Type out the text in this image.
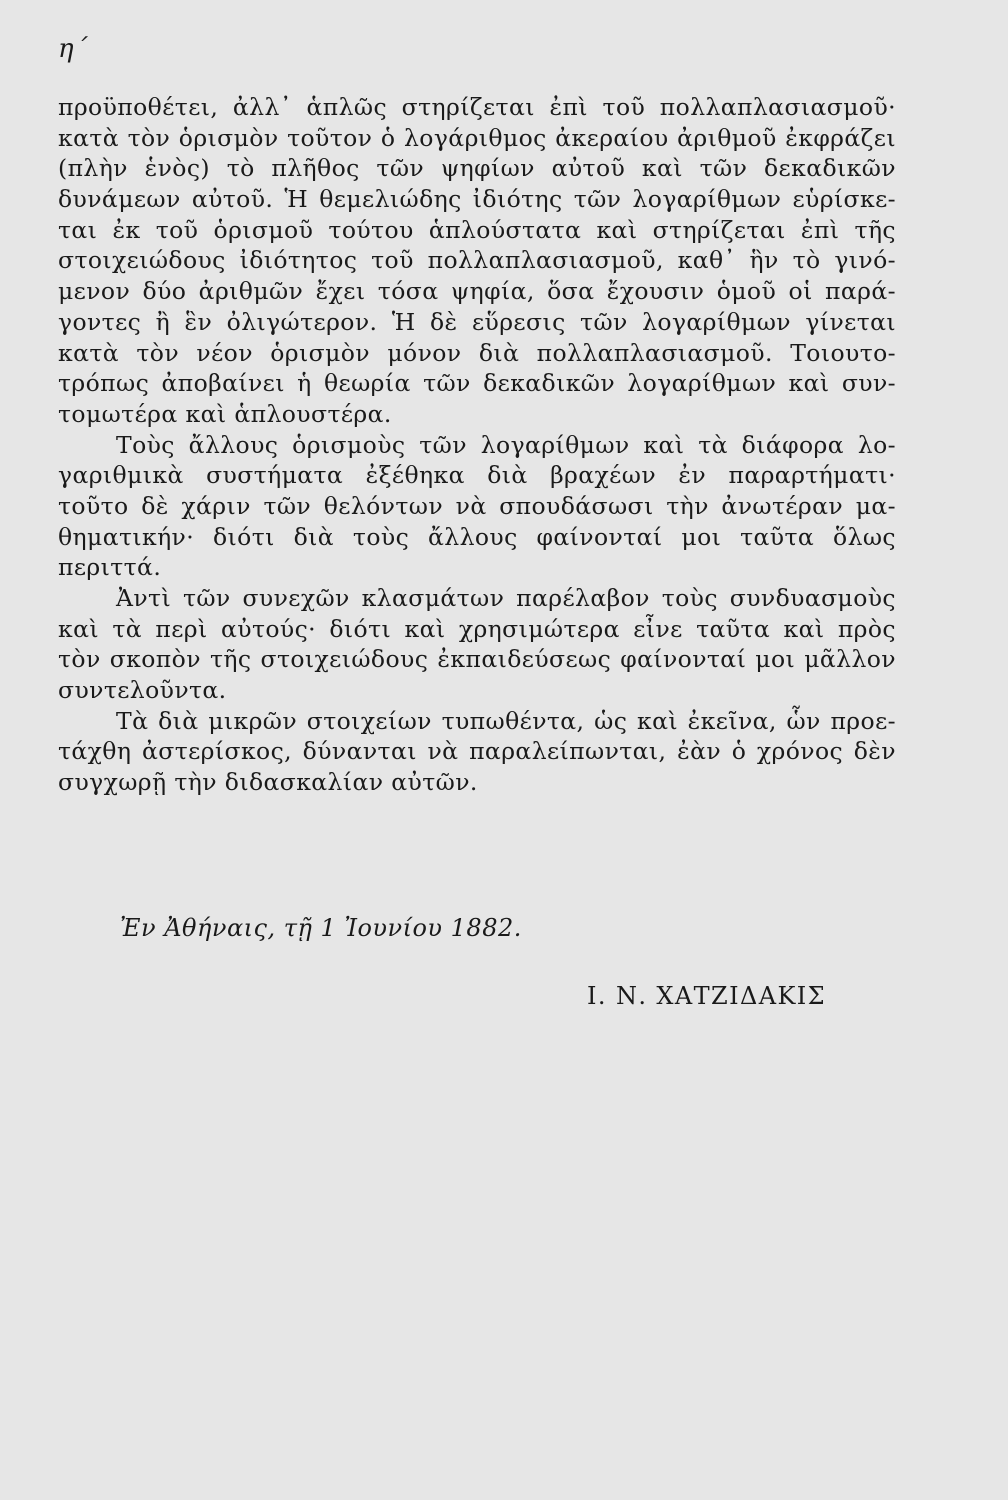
η΄
προϋποθέτει, ἀλλ᾽ ἁπλῶς στηρίζεται ἐπὶ τοῦ πολλαπλασιασμοῦ·
κατὰ τὸν ὁρισμὸν τοῦτον ὁ λογάριθμος ἀκεραίου ἀριθμοῦ ἐκφράζει
(πλὴν ἑνὸς) τὸ πλῆθος τῶν ψηφίων αὐτοῦ καὶ τῶν δεκαδικῶν
δυνάμεων αὐτοῦ. Ἡ θεμελιώδης ἰδιότης τῶν λογαρίθμων εὑρίσκε-
ται ἐκ τοῦ ὁρισμοῦ τούτου ἁπλούστατα καὶ στηρίζεται ἐπὶ τῆς
στοιχειώδους ἰδιότητος τοῦ πολλαπλασιασμοῦ, καθ᾽ ἣν τὸ γινό-
μενον δύο ἀριθμῶν ἔχει τόσα ψηφία, ὅσα ἔχουσιν ὁμοῦ οἱ παρά-
γοντες ἢ ἓν ὀλιγώτερον. Ἡ δὲ εὕρεσις τῶν λογαρίθμων γίνεται
κατὰ τὸν νέον ὁρισμὸν μόνον διὰ πολλαπλασιασμοῦ. Τοιουτο-
τρόπως ἀποβαίνει ἡ θεωρία τῶν δεκαδικῶν λογαρίθμων καὶ συν-
τομωτέρα καὶ ἁπλουστέρα.
Τοὺς ἄλλους ὁρισμοὺς τῶν λογαρίθμων καὶ τὰ διάφορα λο-
γαριθμικὰ συστήματα ἐξέθηκα διὰ βραχέων ἐν παραρτήματι·
τοῦτο δὲ χάριν τῶν θελόντων νὰ σπουδάσωσι τὴν ἀνωτέραν μα-
θηματικήν· διότι διὰ τοὺς ἄλλους φαίνονταί μοι ταῦτα ὅλως
περιττά.
Ἀντὶ τῶν συνεχῶν κλασμάτων παρέλαβον τοὺς συνδυασμοὺς
καὶ τὰ περὶ αὐτούς· διότι καὶ χρησιμώτερα εἶνε ταῦτα καὶ πρὸς
τὸν σκοπὸν τῆς στοιχειώδους ἐκπαιδεύσεως φαίνονταί μοι μᾶλλον
συντελοῦντα.
Τὰ διὰ μικρῶν στοιχείων τυπωθέντα, ὡς καὶ ἐκεῖνα, ὧν προε-
τάχθη ἀστερίσκος, δύνανται νὰ παραλείπωνται, ἐὰν ὁ χρόνος δὲν
συγχωρῇ τὴν διδασκαλίαν αὐτῶν.
Ἐν Ἀθήναις, τῇ 1 Ἰουνίου 1882.
Ι. Ν. ΧΑΤΖΙΔΑΚΙΣ
